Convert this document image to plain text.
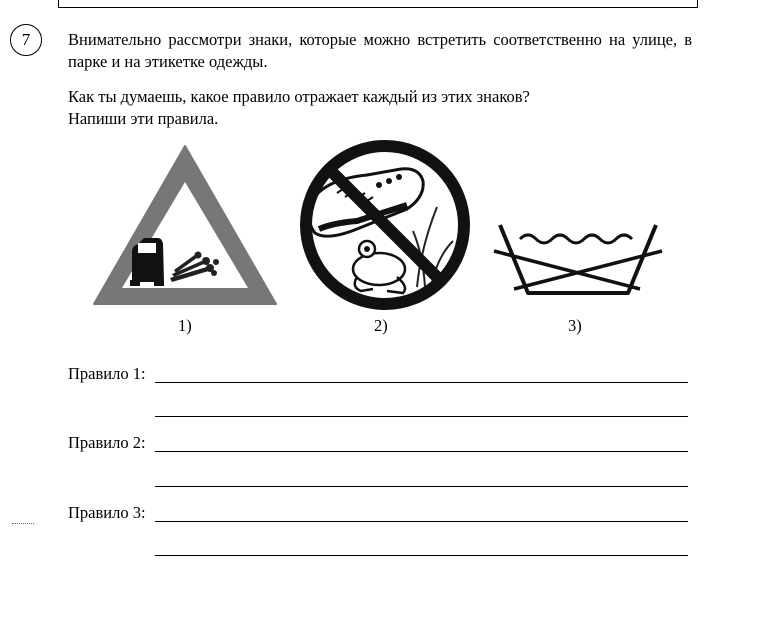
7	Внимательно рассмотри знаки, которые можно встретить соответственно на улице, в парке и на этикетке одежды.
Как ты думаешь, какое правило отражает каждый из этих знаков?
Напиши эти правила.
1)	2)	3)
Правило 1:
Правило 2:
Правило 3:
